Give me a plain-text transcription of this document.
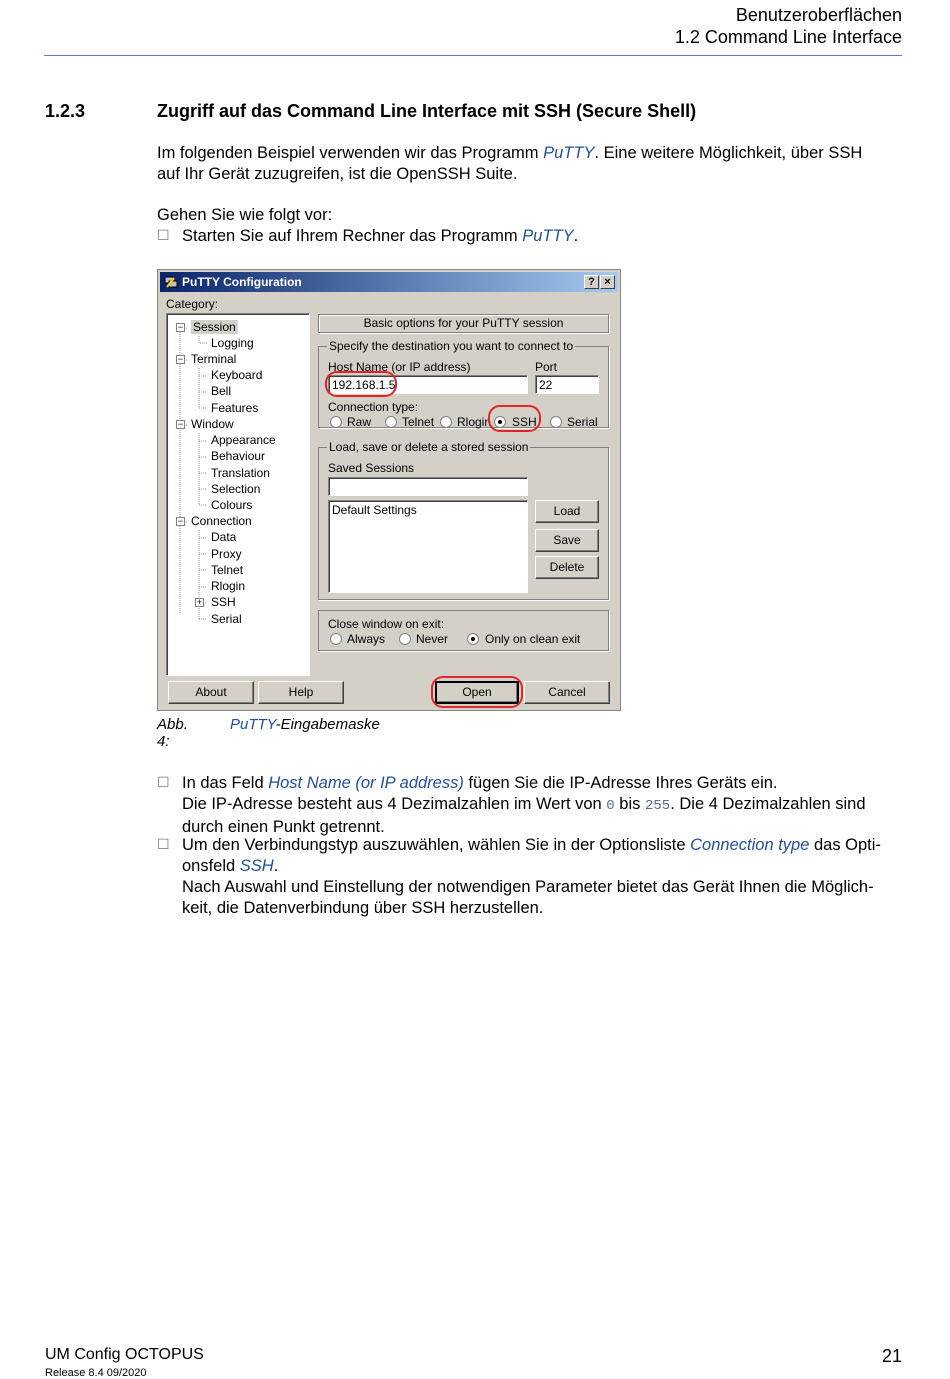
Benutzeroberflächen
1.2 Command Line Interface
1.2.3	Zugriff auf das Command Line Interface mit SSH (Secure Shell)
Im folgenden Beispiel verwenden wir das Programm PuTTY. Eine weitere Möglichkeit, über SSH
auf Ihr Gerät zuzugreifen, ist die OpenSSH Suite.
Gehen Sie wie folgt vor:
☐ Starten Sie auf Ihrem Rechner das Programm PuTTY.
PuTTY Configuration	? ×
Category:
−
−
−
−
+
Session
Logging
Terminal
Keyboard
Bell
Features
Window
Appearance
Behaviour
Translation
Selection
Colours
Connection
Data
Proxy
Telnet
Rlogin
SSH
Serial
Basic options for your PuTTY session
Specify the destination you want to connect to
Host Name (or IP address)	Port
192.168.1.5	22
Connection type:
Raw	Telnet Rlogin SSH	Serial
Load, save or delete a stored session
Saved Sessions
Default Settings	Load
Save
Delete
Close window on exit:
Always	Never	Only on clean exit
About	Help	Open	Cancel
Abb. 4:
PuTTY-Eingabemaske
☐ In das Feld Host Name (or IP address) fügen Sie die IP-Adresse Ihres Geräts ein.
Die IP-Adresse besteht aus 4 Dezimalzahlen im Wert von 0 bis 255. Die 4 Dezimalzahlen sind
durch einen Punkt getrennt.
☐ Um den Verbindungstyp auszuwählen, wählen Sie in der Optionsliste Connection type das Opti-
onsfeld SSH.
Nach Auswahl und Einstellung der notwendigen Parameter bietet das Gerät Ihnen die Möglich-
keit, die Datenverbindung über SSH herzustellen.
UM Config OCTOPUS
Release 8.4 09/2020
21
